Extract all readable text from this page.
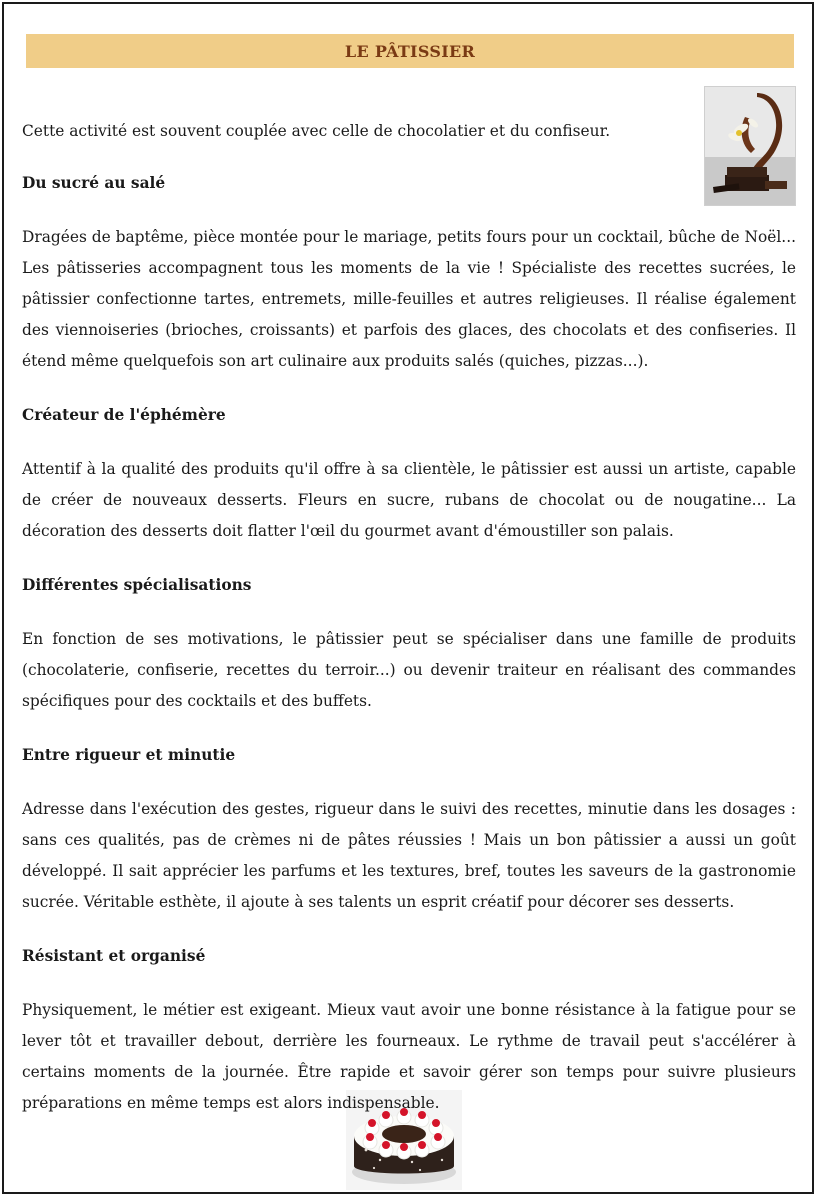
LE PÂTISSIER

Cette activité est souvent couplée avec celle de chocolatier et du confiseur.

Du sucré au salé

Dragées de baptême, pièce montée pour le mariage, petits fours pour un cocktail, bûche de Noël... Les pâtisseries accompagnent tous les moments de la vie ! Spécialiste des recettes sucrées, le pâtissier confectionne tartes, entremets, mille-feuilles et autres religieuses. Il réalise également des viennoiseries (brioches, croissants) et parfois des glaces, des chocolats et des confiseries. Il étend même quelquefois son art culinaire aux produits salés (quiches, pizzas...).

Créateur de l'éphémère

Attentif à la qualité des produits qu'il offre à sa clientèle, le pâtissier est aussi un artiste, capable de créer de nouveaux desserts. Fleurs en sucre, rubans de chocolat ou de nougatine... La décoration des desserts doit flatter l'œil du gourmet avant d'émoustiller son palais.

Différentes spécialisations

En fonction de ses motivations, le pâtissier peut se spécialiser dans une famille de produits (chocolaterie, confiserie, recettes du terroir...) ou devenir traiteur en réalisant des commandes spécifiques pour des cocktails et des buffets.

Entre rigueur et minutie

Adresse dans l'exécution des gestes, rigueur dans le suivi des recettes, minutie dans les dosages : sans ces qualités, pas de crèmes ni de pâtes réussies ! Mais un bon pâtissier a aussi un goût développé. Il sait apprécier les parfums et les textures, bref, toutes les saveurs de la gastronomie sucrée. Véritable esthète, il ajoute à ses talents un esprit créatif pour décorer ses desserts.

Résistant et organisé

Physiquement, le métier est exigeant. Mieux vaut avoir une bonne résistance à la fatigue pour se lever tôt et travailler debout, derrière les fourneaux. Le rythme de travail peut s'accélérer à certains moments de la journée. Être rapide et savoir gérer son temps pour suivre plusieurs préparations en même temps est alors indispensable.
